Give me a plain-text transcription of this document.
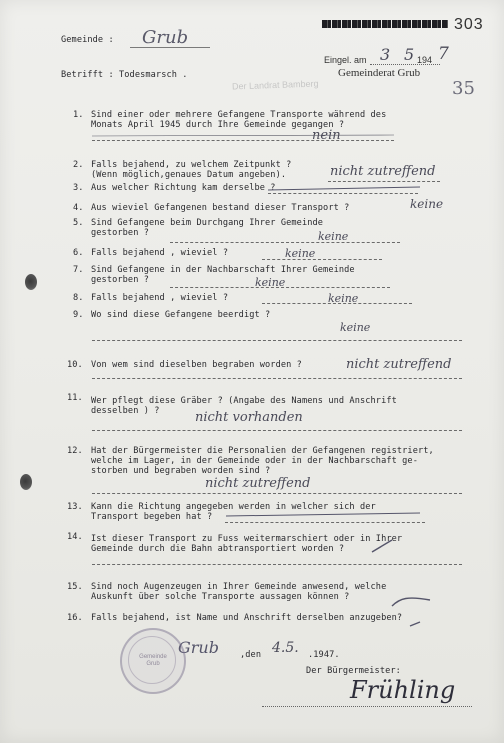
Der Landrat Bamberg
303
Gemeinde : Grub
Eingel. am 3 5 194 7
Gemeinderat Grub
35
Betrifft : Todesmarsch .
1. Sind einer oder mehrere Gefangene Transporte während des
Monats April 1945 durch Ihre Gemeinde gegangen ?
nein
2. Falls bejahend, zu welchem Zeitpunkt ?
(Wenn möglich,genaues Datum angeben).	nicht zutreffend
3. Aus welcher Richtung kam derselbe ?
4. Aus wieviel Gefangenen bestand dieser Transport ?	keine
5. Sind Gefangene beim Durchgang Ihrer Gemeinde
gestorben ?	keine
6. Falls bejahend , wieviel ?	keine
7. Sind Gefangene in der Nachbarschaft Ihrer Gemeinde
gestorben ?	keine
8. Falls bejahend , wieviel ?	keine
9. Wo sind diese Gefangene beerdigt ?
keine
10. Von wem sind dieselben begraben worden ?	nicht zutreffend
11. Wer pflegt diese Gräber ? (Angabe des Namens und Anschrift
desselben ) ?	nicht vorhanden
12. Hat der Bürgermeister die Personalien der Gefangenen registriert,
welche im Lager, in der Gemeinde oder in der Nachbarschaft ge-
storben und begraben worden sind ?
nicht zutreffend
13. Kann die Richtung angegeben werden in welcher sich der
Transport begeben hat ?
14. Ist dieser Transport zu Fuss weitermarschiert oder in Ihrer
Gemeinde durch die Bahn abtransportiert worden ?
15. Sind noch Augenzeugen in Ihrer Gemeinde anwesend, welche
Auskunft über solche Transporte aussagen können ?
16. Falls bejahend, ist Name und Anschrift derselben anzugeben?
Grub ,den 4.5. .1947.
Der Bürgermeister:
Frühling
Gemeinde Grub
